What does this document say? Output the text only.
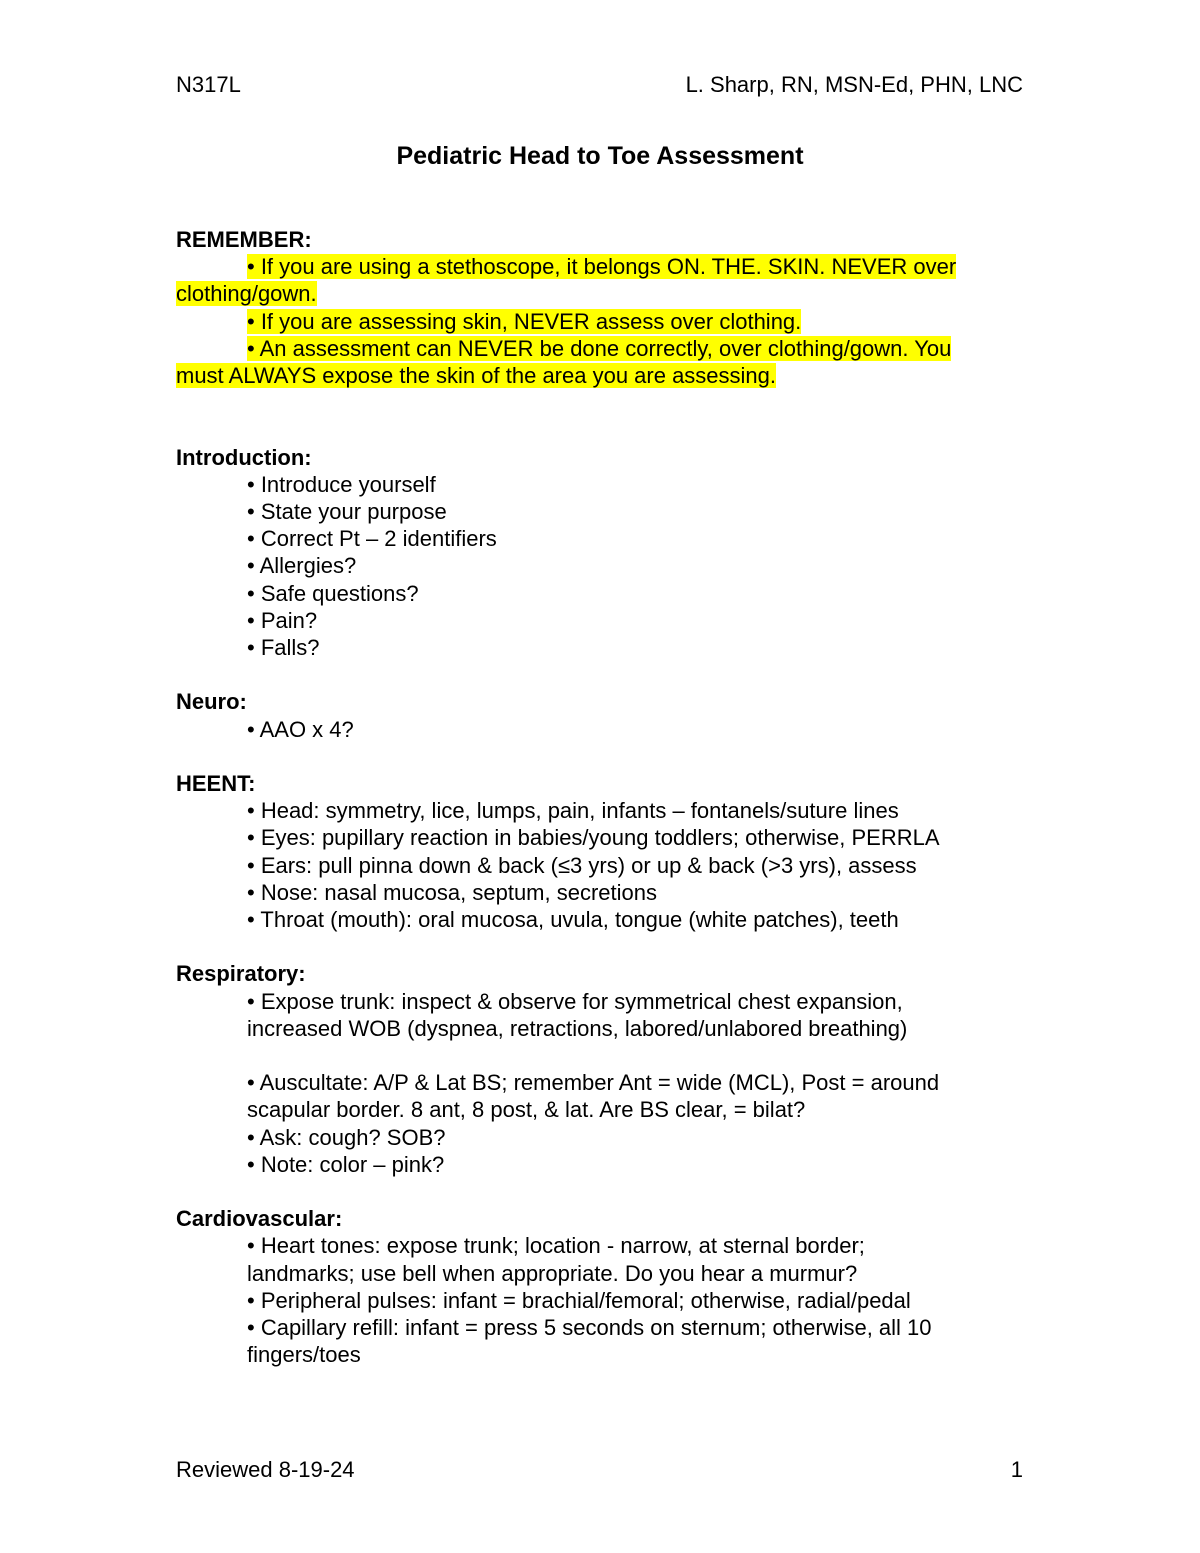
N317L	L. Sharp, RN, MSN-Ed, PHN, LNC
Pediatric Head to Toe Assessment
REMEMBER:
• If you are using a stethoscope, it belongs ON. THE. SKIN. NEVER over
clothing/gown.
• If you are assessing skin, NEVER assess over clothing.
• An assessment can NEVER be done correctly, over clothing/gown. You
must ALWAYS expose the skin of the area you are assessing.
Introduction:
• Introduce yourself
• State your purpose
• Correct Pt – 2 identifiers
• Allergies?
• Safe questions?
• Pain?
• Falls?
Neuro:
• AAO x 4?
HEENT:
• Head: symmetry, lice, lumps, pain, infants – fontanels/suture lines
• Eyes: pupillary reaction in babies/young toddlers; otherwise, PERRLA
• Ears: pull pinna down & back (≤3 yrs) or up & back (>3 yrs), assess
• Nose: nasal mucosa, septum, secretions
• Throat (mouth): oral mucosa, uvula, tongue (white patches), teeth
Respiratory:
• Expose trunk: inspect & observe for symmetrical chest expansion,
increased WOB (dyspnea, retractions, labored/unlabored breathing)
• Auscultate: A/P & Lat BS; remember Ant = wide (MCL), Post = around
scapular border. 8 ant, 8 post, & lat. Are BS clear, = bilat?
• Ask: cough? SOB?
• Note: color – pink?
Cardiovascular:
• Heart tones: expose trunk; location - narrow, at sternal border;
landmarks; use bell when appropriate. Do you hear a murmur?
• Peripheral pulses: infant = brachial/femoral; otherwise, radial/pedal
• Capillary refill: infant = press 5 seconds on sternum; otherwise, all 10
fingers/toes
Reviewed 8-19-24	1
